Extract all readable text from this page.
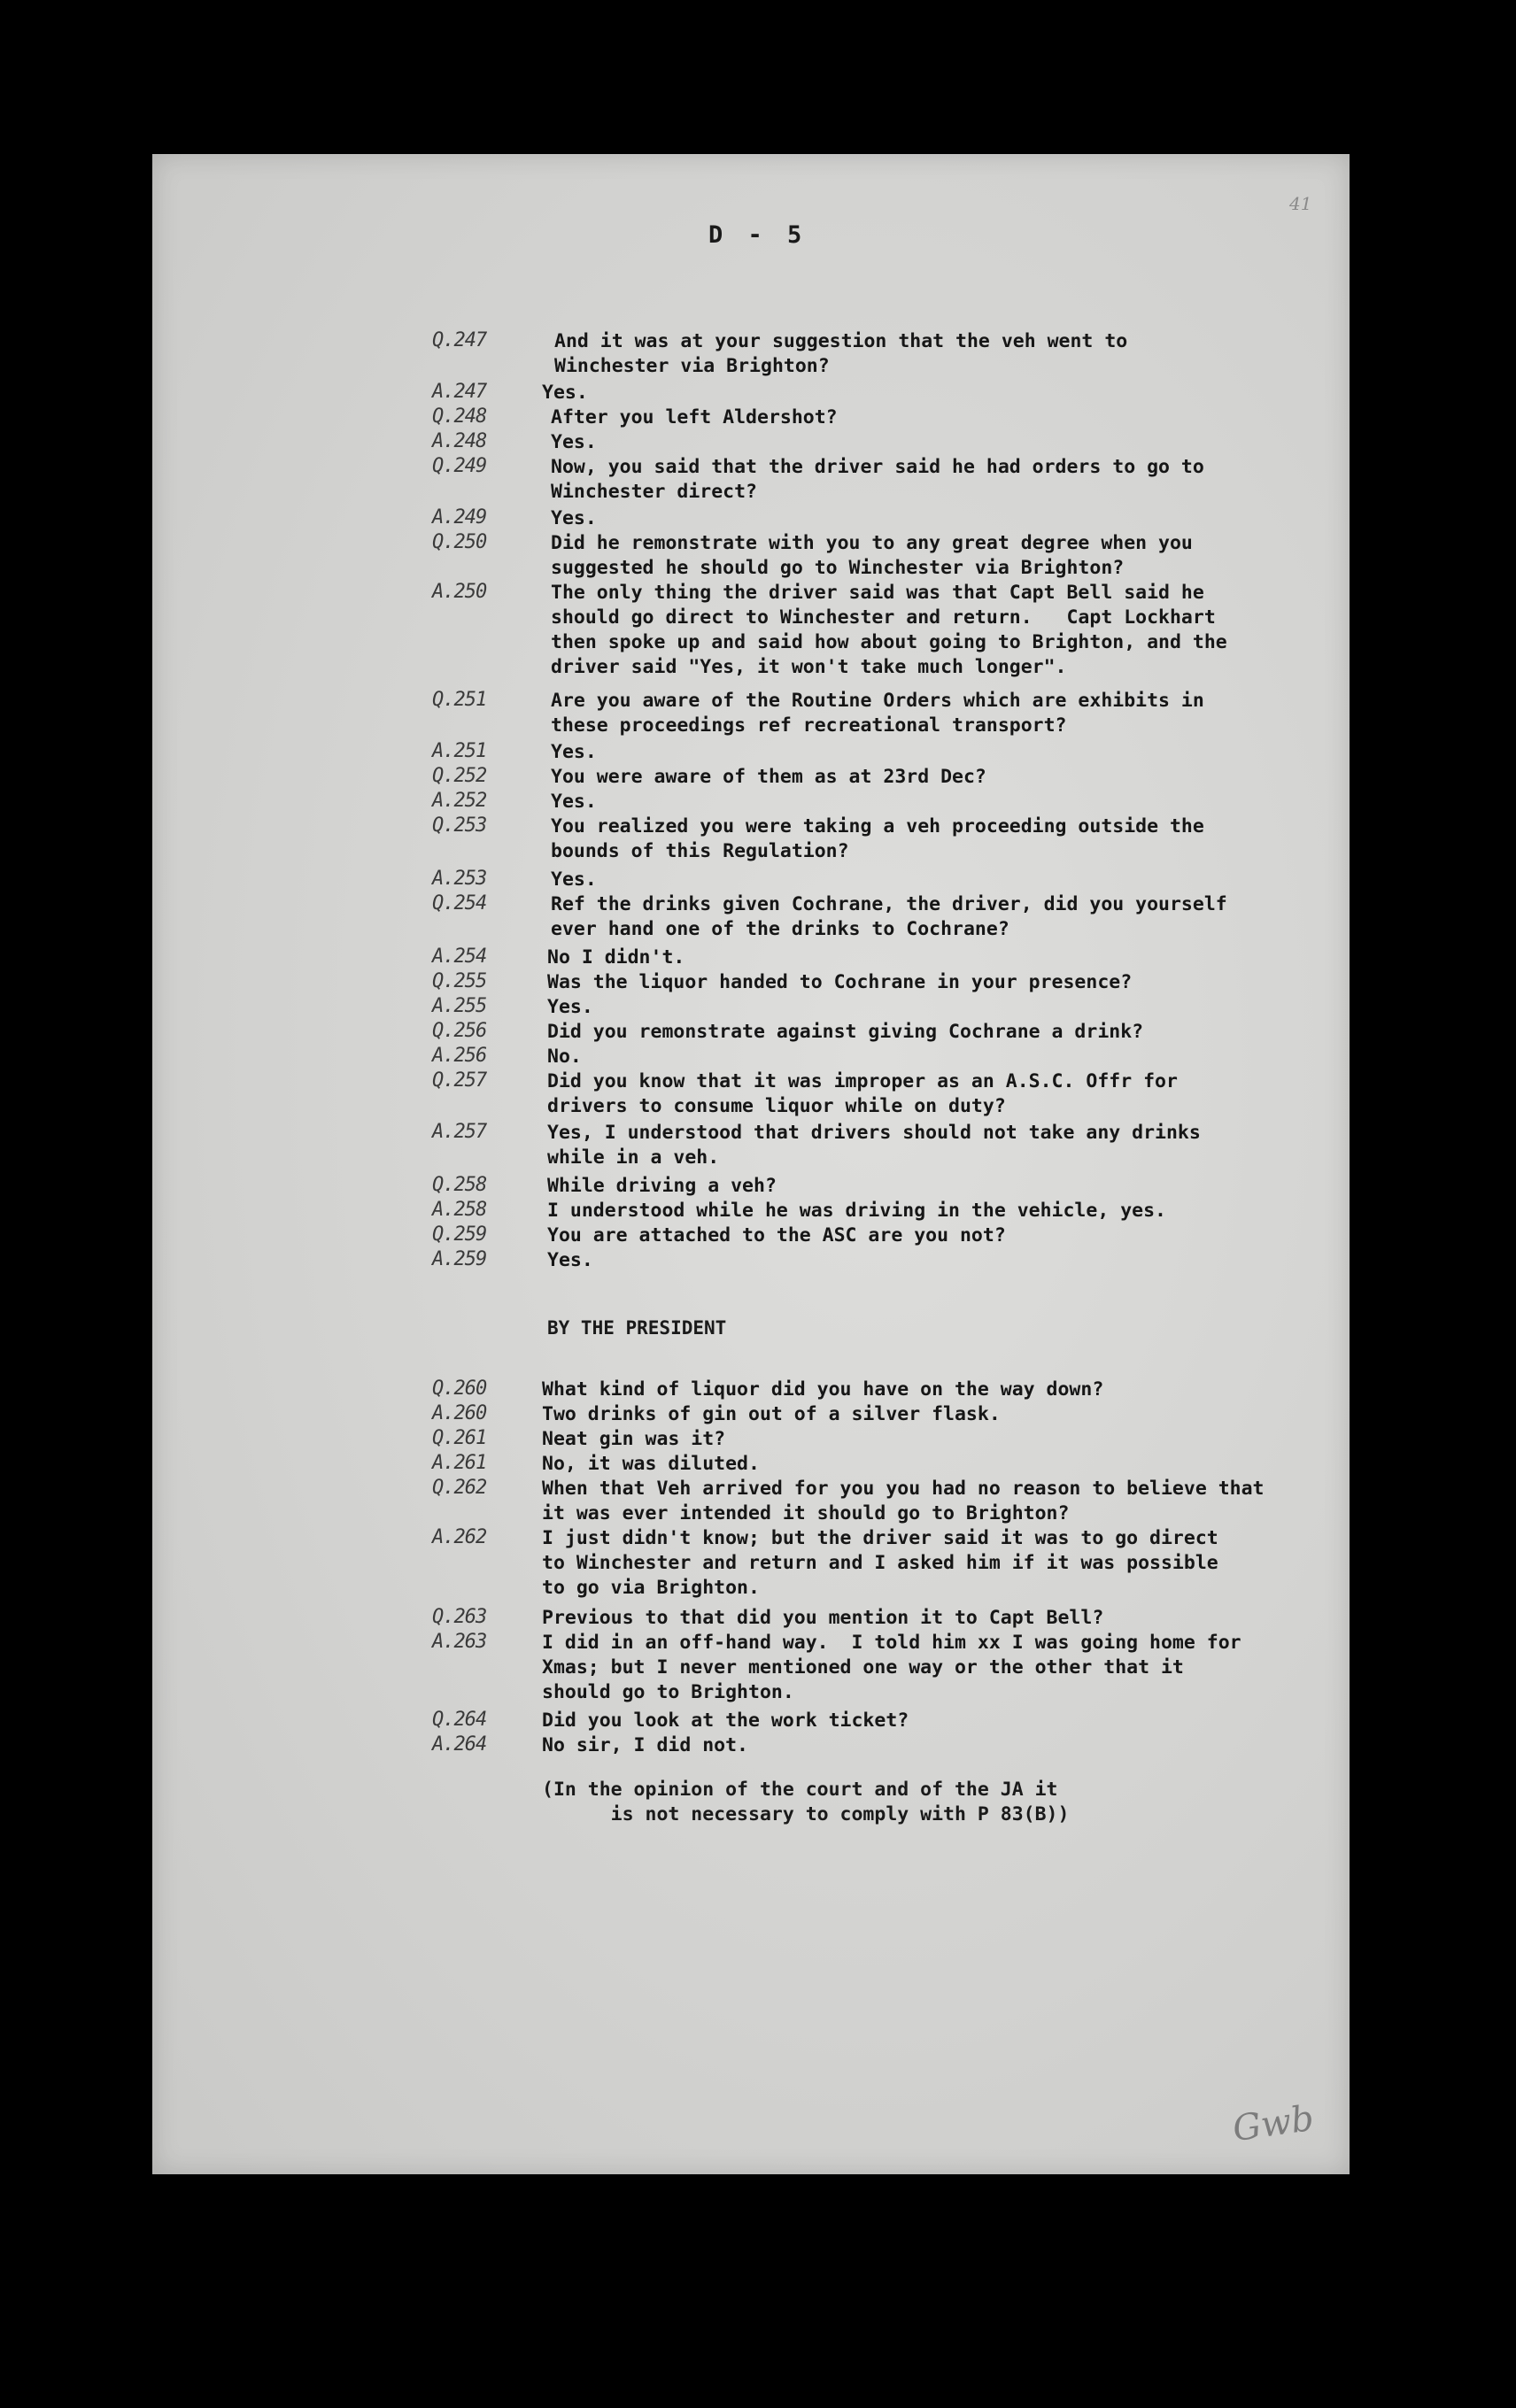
D - 5
41
Q.247	And it was at your suggestion that the veh went to
Winchester via Brighton?
A.247	Yes.
Q.248	After you left Aldershot?
A.248	Yes.
Q.249	Now, you said that the driver said he had orders to go to
Winchester direct?
A.249	Yes.
Q.250	Did he remonstrate with you to any great degree when you
suggested he should go to Winchester via Brighton?
A.250	The only thing the driver said was that Capt Bell said he
should go direct to Winchester and return.   Capt Lockhart
then spoke up and said how about going to Brighton, and the
driver said "Yes, it won't take much longer".
Q.251	Are you aware of the Routine Orders which are exhibits in
these proceedings ref recreational transport?
A.251	Yes.
Q.252	You were aware of them as at 23rd Dec?
A.252	Yes.
Q.253	You realized you were taking a veh proceeding outside the
bounds of this Regulation?
A.253	Yes.
Q.254	Ref the drinks given Cochrane, the driver, did you yourself
ever hand one of the drinks to Cochrane?
A.254	No I didn't.
Q.255	Was the liquor handed to Cochrane in your presence?
A.255	Yes.
Q.256	Did you remonstrate against giving Cochrane a drink?
A.256	No.
Q.257	Did you know that it was improper as an A.S.C. Offr for
drivers to consume liquor while on duty?
A.257	Yes, I understood that drivers should not take any drinks
while in a veh.
Q.258	While driving a veh?
A.258	I understood while he was driving in the vehicle, yes.
Q.259	You are attached to the ASC are you not?
A.259	Yes.
BY THE PRESIDENT
Q.260	What kind of liquor did you have on the way down?
A.260	Two drinks of gin out of a silver flask.
Q.261	Neat gin was it?
A.261	No, it was diluted.
Q.262	When that Veh arrived for you you had no reason to believe that
it was ever intended it should go to Brighton?
A.262	I just didn't know; but the driver said it was to go direct
to Winchester and return and I asked him if it was possible
to go via Brighton.
Q.263	Previous to that did you mention it to Capt Bell?
A.263	I did in an off-hand way.  I told him xx I was going home for
Xmas; but I never mentioned one way or the other that it
should go to Brighton.
Q.264	Did you look at the work ticket?
A.264	No sir, I did not.
(In the opinion of the court and of the JA it
is not necessary to comply with P 83(B))
Gwb
